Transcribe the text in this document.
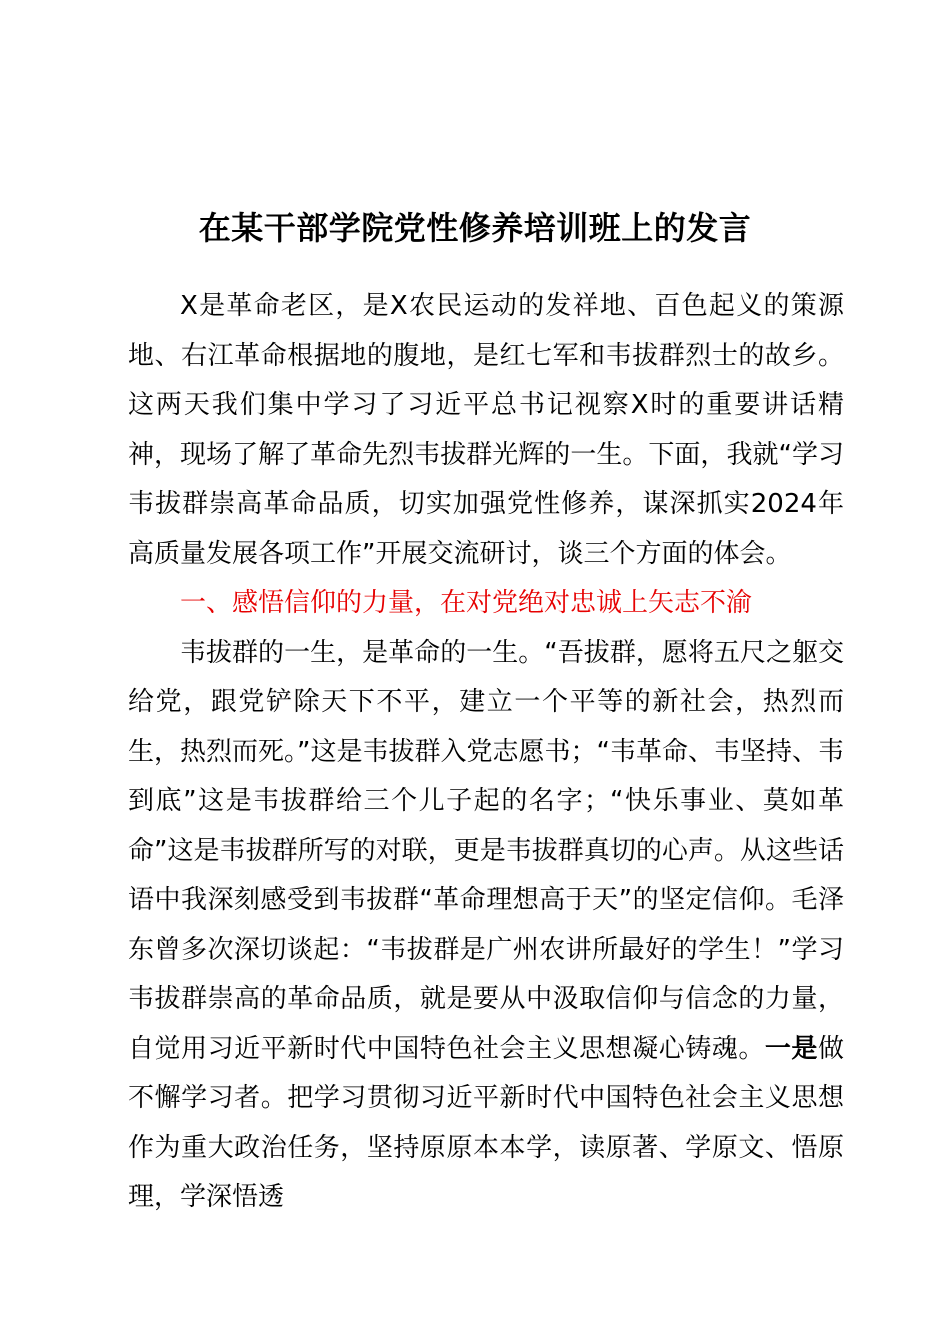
在某干部学院党性修养培训班上的发言

X是革命老区，是X农民运动的发祥地、百色起义的策源地、右江革命根据地的腹地，是红七军和韦拔群烈士的故乡。这两天我们集中学习了习近平总书记视察X时的重要讲话精神，现场了解了革命先烈韦拔群光辉的一生。下面，我就“学习韦拔群崇高革命品质，切实加强党性修养，谋深抓实2024年高质量发展各项工作”开展交流研讨，谈三个方面的体会。

一、感悟信仰的力量，在对党绝对忠诚上矢志不渝

韦拔群的一生，是革命的一生。“吾拔群，愿将五尺之躯交给党，跟党铲除天下不平，建立一个平等的新社会，热烈而生，热烈而死。”这是韦拔群入党志愿书；“韦革命、韦坚持、韦到底”这是韦拔群给三个儿子起的名字；“快乐事业、莫如革命”这是韦拔群所写的对联，更是韦拔群真切的心声。从这些话语中我深刻感受到韦拔群“革命理想高于天”的坚定信仰。毛泽东曾多次深切谈起：“韦拔群是广州农讲所最好的学生！”学习韦拔群崇高的革命品质，就是要从中汲取信仰与信念的力量，自觉用习近平新时代中国特色社会主义思想凝心铸魂。一是做不懈学习者。把学习贯彻习近平新时代中国特色社会主义思想作为重大政治任务，坚持原原本本学，读原著、学原文、悟原理，学深悟透
